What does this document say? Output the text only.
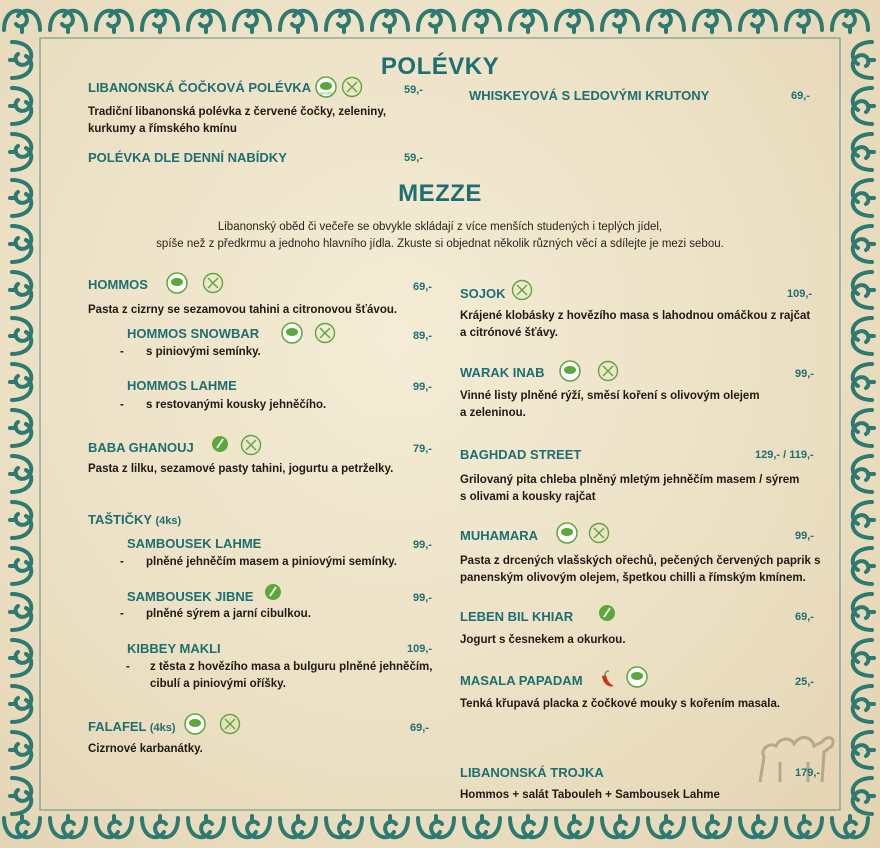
POLÉVKY
LIBANONSKÁ ČOČKOVÁ POLÉVKA VEGAN	59,-
Tradiční libanonská polévka z červené čočky, zeleniny,
kurkumy a římského kmínu
POLÉVKA DLE DENNÍ NABÍDKY	59,-
WHISKEYOVÁ S LEDOVÝMI KRUTONY	69,-
MEZZE
Libanonský oběd či večeře se obvykle skládají z více menších studených i teplých jídel,
spíše než z předkrmu a jednoho hlavního jídla. Zkuste si objednat několik různých věcí a sdílejte je mezi sebou.
HOMMOS	69,-
Pasta z cizrny se sezamovou tahini a citronovou šťávou.
HOMMOS SNOWBAR	89,-
- s piniovými semínky.
HOMMOS LAHME	99,-
- s restovanými kousky jehněčího.
BABA GHANOUJ	79,-
Pasta z lilku, sezamové pasty tahini, jogurtu a petrželky.
TAŠTIČKY (4ks)
SAMBOUSEK LAHME	99,-
- plněné jehněčím masem a piniovými semínky.
SAMBOUSEK JIBNE	99,-
- plněné sýrem a jarní cibulkou.
KIBBEY MAKLI	109,-
- z těsta z hovězího masa a bulguru plněné jehněčím,
cibulí a piniovými oříšky.
FALAFEL (4ks)	69,-
Cizrnové karbanátky.
SOJOK	109,-
Krájené klobásky z hovězího masa s lahodnou omáčkou z rajčat
a citrónové šťávy.
WARAK INAB	99,-
Vinné listy plněné rýží, směsí koření s olivovým olejem
a zeleninou.
BAGHDAD STREET	129,- / 119,-
Grilovaný pita chleba plněný mletým jehněčím masem / sýrem
s olivami a kousky rajčat
MUHAMARA	99,-
Pasta z drcených vlašských ořechů, pečených červených paprik s
panenským olivovým olejem, špetkou chilli a římským kmínem.
LEBEN BIL KHIAR	69,-
Jogurt s česnekem a okurkou.
MASALA PAPADAM	25,-
Tenká křupavá placka z čočkové mouky s kořením masala.
LIBANONSKÁ TROJKA	179,-
Hommos + salát Tabouleh + Sambousek Lahme
